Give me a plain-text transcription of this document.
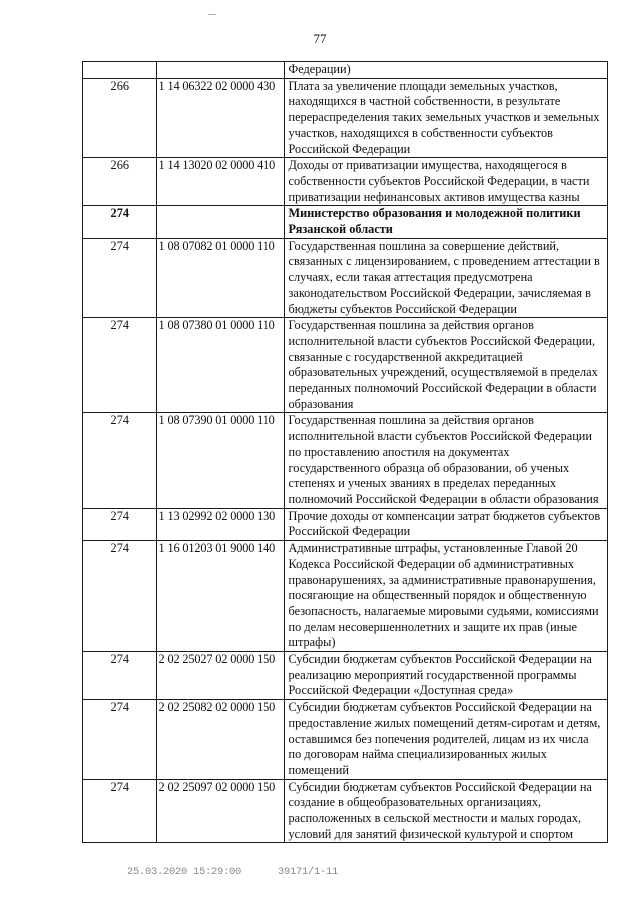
77
		Федерации)
266	1 14 06322 02 0000 430	Плата за увеличение площади земельных участков, находящихся в частной собственности, в результате перераспределения таких земельных участков и земельных участков, находящихся в собственности субъектов Российской Федерации
266	1 14 13020 02 0000 410	Доходы от приватизации имущества, находящегося в собственности субъектов Российской Федерации, в части приватизации нефинансовых активов имущества казны
274		Министерство образования и молодежной политики Рязанской области
274	1 08 07082 01 0000 110	Государственная пошлина за совершение действий, связанных с лицензированием, с проведением аттестации в случаях, если такая аттестация предусмотрена законодательством Российской Федерации, зачисляемая в бюджеты субъектов Российской Федерации
274	1 08 07380 01 0000 110	Государственная пошлина за действия органов исполнительной власти субъектов Российской Федерации, связанные с государственной аккредитацией образовательных учреждений, осуществляемой в пределах переданных полномочий Российской Федерации в области образования
274	1 08 07390 01 0000 110	Государственная пошлина за действия органов исполнительной власти субъектов Российской Федерации по проставлению апостиля на документах государственного образца об образовании, об ученых степенях и ученых званиях в пределах переданных полномочий Российской Федерации в области образования
274	1 13 02992 02 0000 130	Прочие доходы от компенсации затрат бюджетов субъектов Российской Федерации
274	1 16 01203 01 9000 140	Административные штрафы, установленные Главой 20 Кодекса Российской Федерации об административных правонарушениях, за административные правонарушения, посягающие на общественный порядок и общественную безопасность, налагаемые мировыми судьями, комиссиями по делам несовершеннолетних и защите их прав (иные штрафы)
274	2 02 25027 02 0000 150	Субсидии бюджетам субъектов Российской Федерации на реализацию мероприятий государственной программы Российской Федерации «Доступная среда»
274	2 02 25082 02 0000 150	Субсидии бюджетам субъектов Российской Федерации на предоставление жилых помещений детям-сиротам и детям, оставшимся без попечения родителей, лицам из их числа по договорам найма специализированных жилых помещений
274	2 02 25097 02 0000 150	Субсидии бюджетам субъектов Российской Федерации на создание в общеобразовательных организациях, расположенных в сельской местности и малых городах, условий для занятий физической культурой и спортом
25.03.2020 15:29:00	39171/1-11
